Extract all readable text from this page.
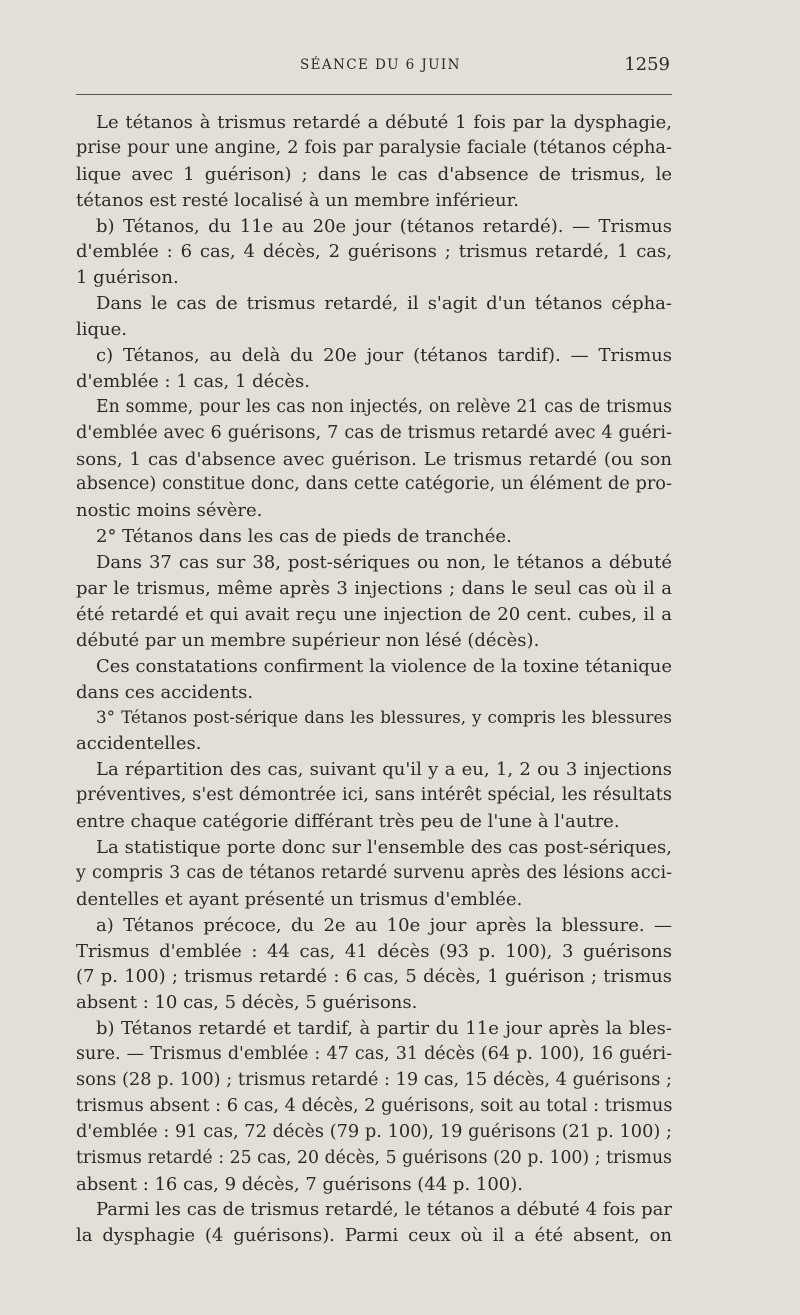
SÉANCE DU 6 JUIN	1259
Le tétanos à trismus retardé a débuté 1 fois par la dysphagie,
prise pour une angine, 2 fois par paralysie faciale (tétanos cépha-
lique avec 1 guérison) ; dans le cas d'absence de trismus, le
tétanos est resté localisé à un membre inférieur.
b) Tétanos, du 11e au 20e jour (tétanos retardé). — Trismus
d'emblée : 6 cas, 4 décès, 2 guérisons ; trismus retardé, 1 cas,
1 guérison.
Dans le cas de trismus retardé, il s'agit d'un tétanos cépha-
lique.
c) Tétanos, au delà du 20e jour (tétanos tardif). — Trismus
d'emblée : 1 cas, 1 décès.
En somme, pour les cas non injectés, on relève 21 cas de trismus
d'emblée avec 6 guérisons, 7 cas de trismus retardé avec 4 guéri-
sons, 1 cas d'absence avec guérison. Le trismus retardé (ou son
absence) constitue donc, dans cette catégorie, un élément de pro-
nostic moins sévère.
2° Tétanos dans les cas de pieds de tranchée.
Dans 37 cas sur 38, post-sériques ou non, le tétanos a débuté
par le trismus, même après 3 injections ; dans le seul cas où il a
été retardé et qui avait reçu une injection de 20 cent. cubes, il a
débuté par un membre supérieur non lésé (décès).
Ces constatations confirment la violence de la toxine tétanique
dans ces accidents.
3° Tétanos post-sérique dans les blessures, y compris les blessures
accidentelles.
La répartition des cas, suivant qu'il y a eu, 1, 2 ou 3 injections
préventives, s'est démontrée ici, sans intérêt spécial, les résultats
entre chaque catégorie différant très peu de l'une à l'autre.
La statistique porte donc sur l'ensemble des cas post-sériques,
y compris 3 cas de tétanos retardé survenu après des lésions acci-
dentelles et ayant présenté un trismus d'emblée.
a) Tétanos précoce, du 2e au 10e jour après la blessure. —
Trismus d'emblée : 44 cas, 41 décès (93 p. 100), 3 guérisons
(7 p. 100) ; trismus retardé : 6 cas, 5 décès, 1 guérison ; trismus
absent : 10 cas, 5 décès, 5 guérisons.
b) Tétanos retardé et tardif, à partir du 11e jour après la bles-
sure. — Trismus d'emblée : 47 cas, 31 décès (64 p. 100), 16 guéri-
sons (28 p. 100) ; trismus retardé : 19 cas, 15 décès, 4 guérisons ;
trismus absent : 6 cas, 4 décès, 2 guérisons, soit au total : trismus
d'emblée : 91 cas, 72 décès (79 p. 100), 19 guérisons (21 p. 100) ;
trismus retardé : 25 cas, 20 décès, 5 guérisons (20 p. 100) ; trismus
absent : 16 cas, 9 décès, 7 guérisons (44 p. 100).
Parmi les cas de trismus retardé, le tétanos a débuté 4 fois par
la dysphagie (4 guérisons). Parmi ceux où il a été absent, on
